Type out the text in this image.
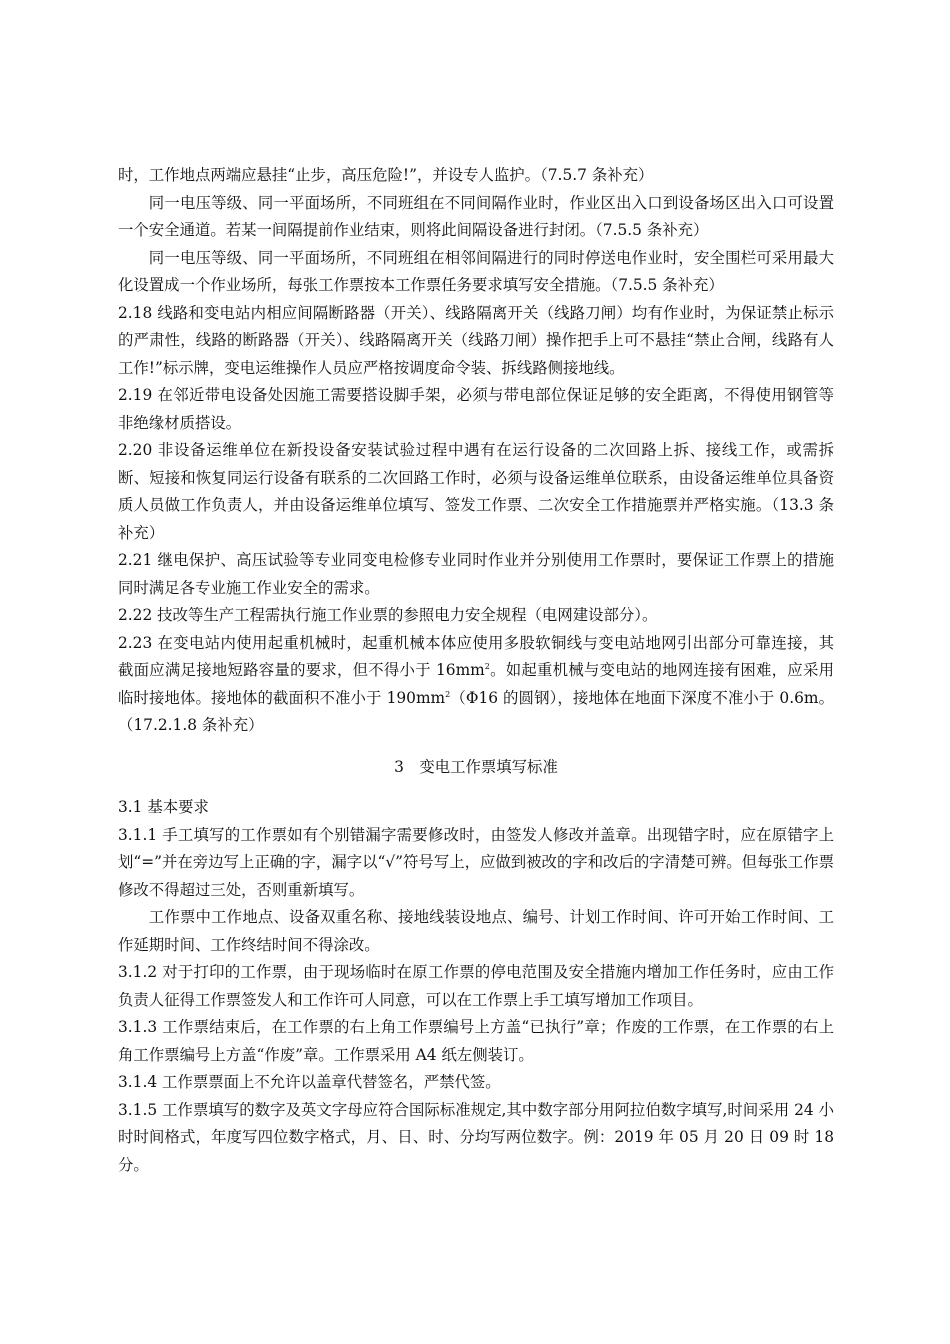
时，工作地点两端应悬挂“止步，高压危险!”，并设专人监护。（7.5.7 条补充）

同一电压等级、同一平面场所，不同班组在不同间隔作业时，作业区出入口到设备场区出入口可设置一个安全通道。若某一间隔提前作业结束，则将此间隔设备进行封闭。（7.5.5 条补充）

同一电压等级、同一平面场所，不同班组在相邻间隔进行的同时停送电作业时，安全围栏可采用最大化设置成一个作业场所，每张工作票按本工作票任务要求填写安全措施。（7.5.5 条补充）

2.18 线路和变电站内相应间隔断路器（开关）、线路隔离开关（线路刀闸）均有作业时，为保证禁止标示的严肃性，线路的断路器（开关）、线路隔离开关（线路刀闸）操作把手上可不悬挂“禁止合闸，线路有人工作!”标示牌，变电运维操作人员应严格按调度命令装、拆线路侧接地线。

2.19 在邻近带电设备处因施工需要搭设脚手架，必须与带电部位保证足够的安全距离，不得使用钢管等非绝缘材质搭设。

2.20 非设备运维单位在新投设备安装试验过程中遇有在运行设备的二次回路上拆、接线工作，或需拆断、短接和恢复同运行设备有联系的二次回路工作时，必须与设备运维单位联系，由设备运维单位具备资质人员做工作负责人，并由设备运维单位填写、签发工作票、二次安全工作措施票并严格实施。（13.3 条补充）

2.21 继电保护、高压试验等专业同变电检修专业同时作业并分别使用工作票时，要保证工作票上的措施同时满足各专业施工作业安全的需求。

2.22 技改等生产工程需执行施工作业票的参照电力安全规程（电网建设部分）。

2.23 在变电站内使用起重机械时，起重机械本体应使用多股软铜线与变电站地网引出部分可靠连接，其截面应满足接地短路容量的要求，但不得小于 $16mm^2$。如起重机械与变电站的地网连接有困难，应采用临时接地体。接地体的截面积不准小于 $190mm^2(\Phi 16$ 的圆钢），接地体在地面下深度不准小于 0.6m。（17.2.1.8 条补充）

3　变电工作票填写标准

3.1 基本要求

3.1.1 手工填写的工作票如有个别错漏字需要修改时，由签发人修改并盖章。出现错字时，应在原错字上划“=”并在旁边写上正确的字，漏字以“√”符号写上，应做到被改的字和改后的字清楚可辨。但每张工作票修改不得超过三处，否则重新填写。

工作票中工作地点、设备双重名称、接地线装设地点、编号、计划工作时间、许可开始工作时间、工作延期时间、工作终结时间不得涂改。

3.1.2 对于打印的工作票，由于现场临时在原工作票的停电范围及安全措施内增加工作任务时，应由工作负责人征得工作票签发人和工作许可人同意，可以在工作票上手工填写增加工作项目。

3.1.3 工作票结束后，在工作票的右上角工作票编号上方盖“已执行”章；作废的工作票，在工作票的右上角工作票编号上方盖“作废”章。工作票采用 A4 纸左侧装订。

3.1.4 工作票票面上不允许以盖章代替签名，严禁代签。

3.1.5 工作票填写的数字及英文字母应符合国际标准规定,其中数字部分用阿拉伯数字填写,时间采用 24 小时时间格式，年度写四位数字格式，月、日、时、分均写两位数字。例：2019 年 05 月 20 日 09 时 18 分。
